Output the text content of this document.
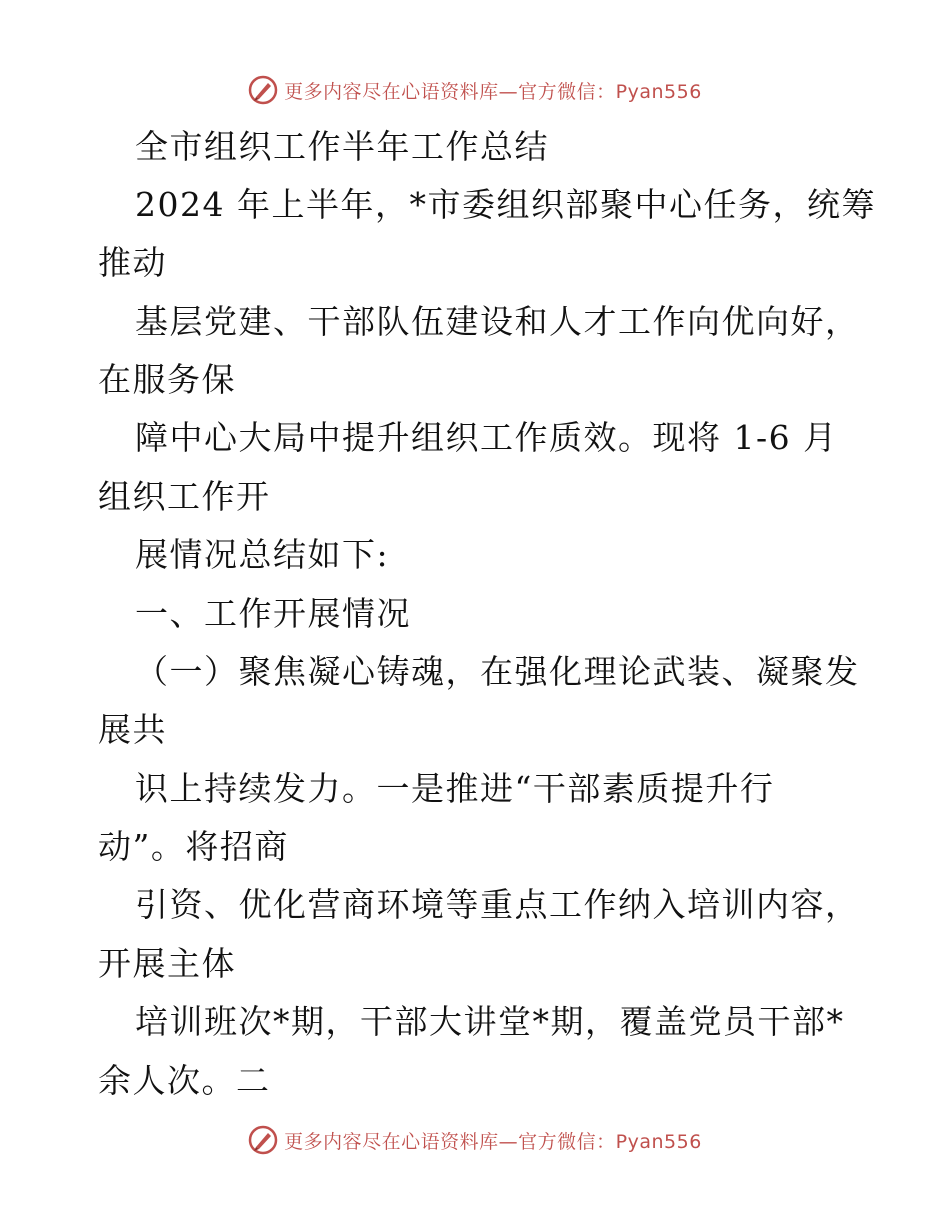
更多内容尽在心语资料库—官方微信：Pyan556
全市组织工作半年工作总结
2024 年上半年，*市委组织部聚中心任务，统筹
推动
基层党建、干部队伍建设和人才工作向优向好，
在服务保
障中心大局中提升组织工作质效。现将 1-6 月
组织工作开
展情况总结如下:
一、工作开展情况
（一）聚焦凝心铸魂，在强化理论武装、凝聚发
展共
识上持续发力。一是推进“干部素质提升行
动”。将招商
引资、优化营商环境等重点工作纳入培训内容，
开展主体
培训班次*期，干部大讲堂*期，覆盖党员干部*
余人次。二
更多内容尽在心语资料库—官方微信：Pyan556
